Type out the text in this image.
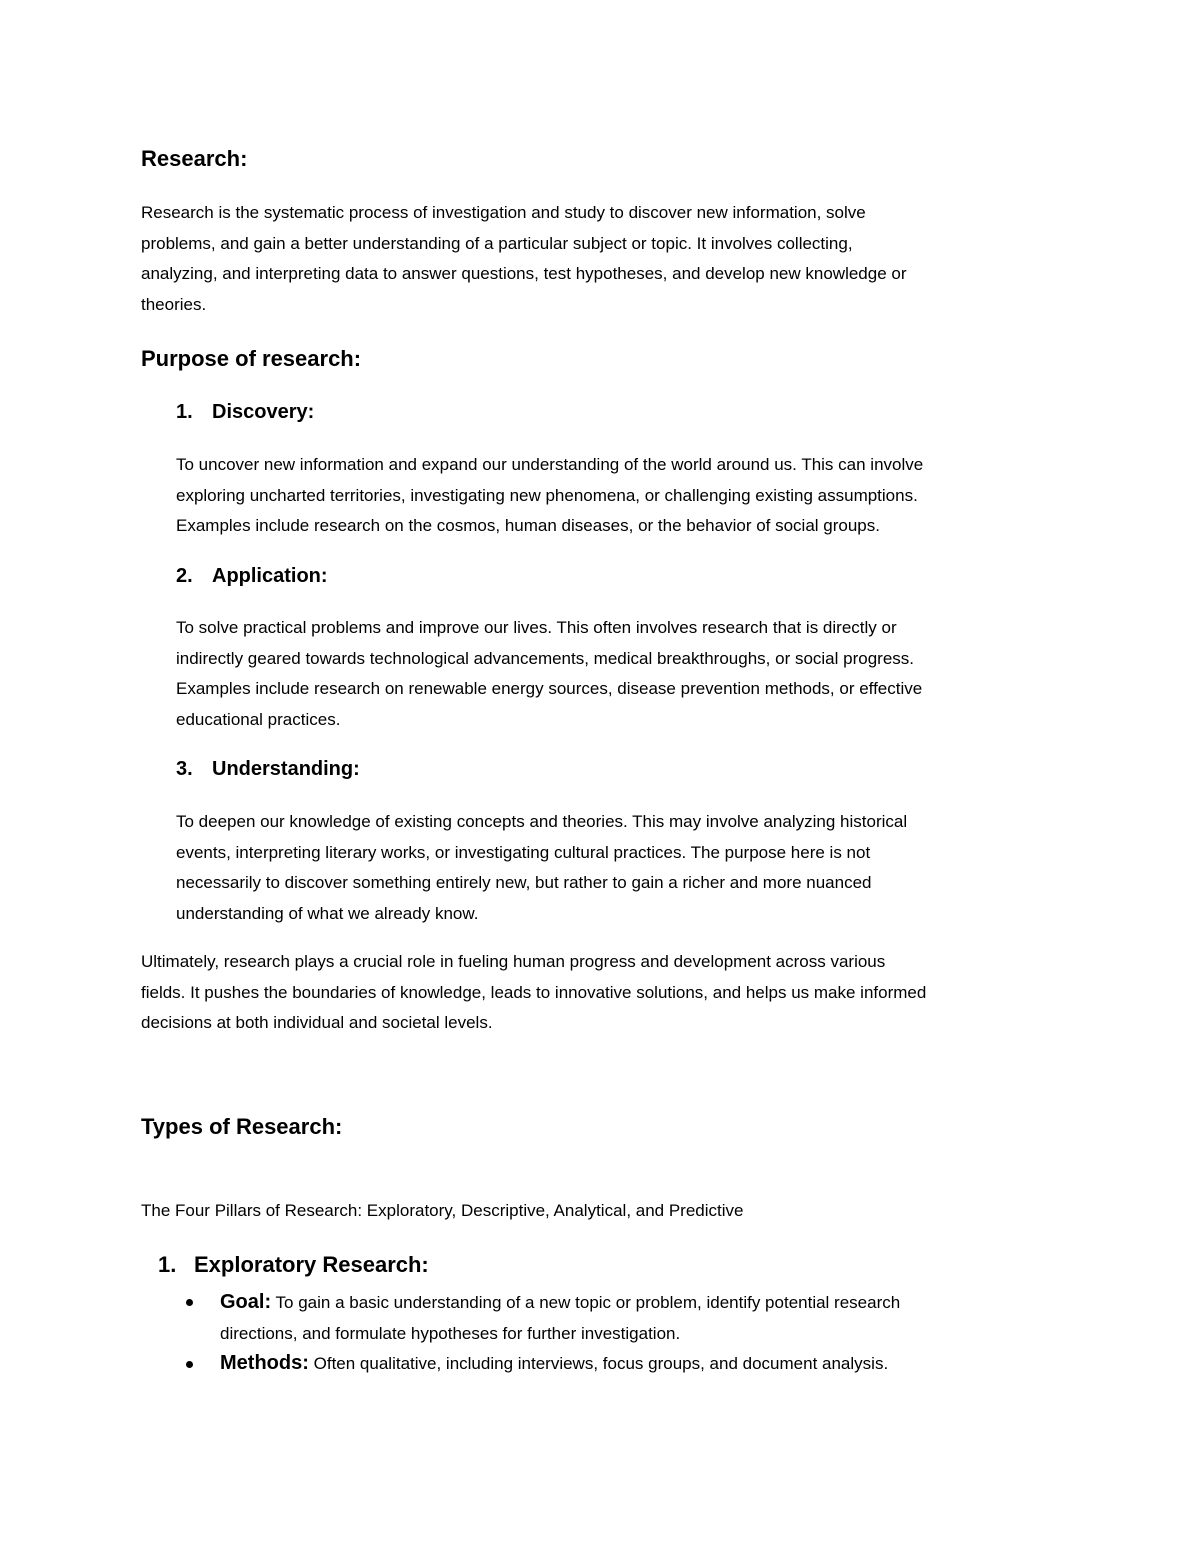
Research:

Research is the systematic process of investigation and study to discover new information, solve
problems, and gain a better understanding of a particular subject or topic. It involves collecting,
analyzing, and interpreting data to answer questions, test hypotheses, and develop new knowledge or
theories.

Purpose of research:
1. Discovery:

To uncover new information and expand our understanding of the world around us. This can involve
exploring uncharted territories, investigating new phenomena, or challenging existing assumptions.
Examples include research on the cosmos, human diseases, or the behavior of social groups.

2. Application:

To solve practical problems and improve our lives. This often involves research that is directly or
indirectly geared towards technological advancements, medical breakthroughs, or social progress.
Examples include research on renewable energy sources, disease prevention methods, or effective
educational practices.

3. Understanding:

To deepen our knowledge of existing concepts and theories. This may involve analyzing historical
events, interpreting literary works, or investigating cultural practices. The purpose here is not
necessarily to discover something entirely new, but rather to gain a richer and more nuanced
understanding of what we already know.

Ultimately, research plays a crucial role in fueling human progress and development across various
fields. It pushes the boundaries of knowledge, leads to innovative solutions, and helps us make informed
decisions at both individual and societal levels.

Types of Research:

The Four Pillars of Research: Exploratory, Descriptive, Analytical, and Predictive

1. Exploratory Research:

Goal: To gain a basic understanding of a new topic or problem, identify potential research
directions, and formulate hypotheses for further investigation.

Methods: Often qualitative, including interviews, focus groups, and document analysis.
